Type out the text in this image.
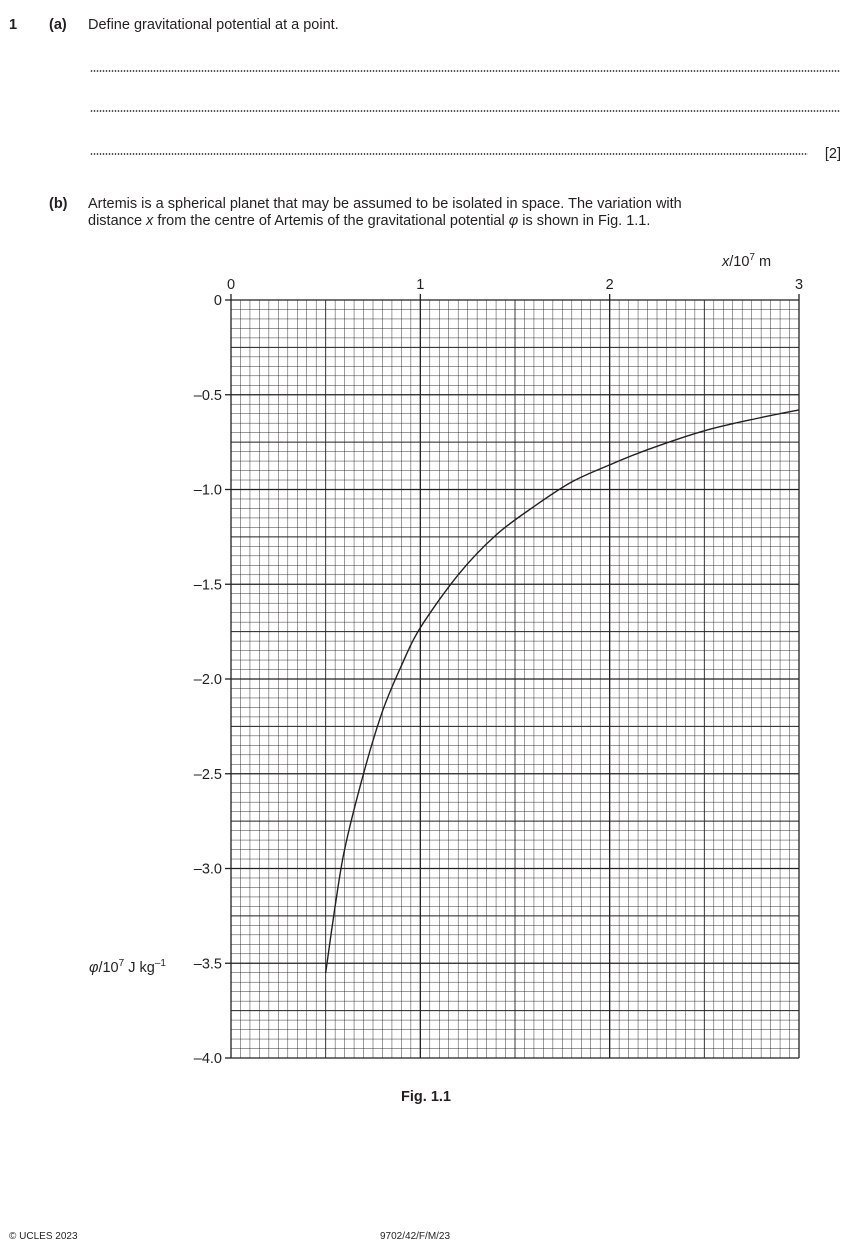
1 (a) Define gravitational potential at a point.
[2]
(b) Artemis is a spherical planet that may be assumed to be isolated in space. The variation with
distance x from the centre of Artemis of the gravitational potential φ is shown in Fig. 1.1.
0	1	2	3
0
–0.5
–1.0
–1.5
–2.0
–2.5
–3.0
–3.5
–4.0
$x/10^7$ m
$\varphi/10^7$ J $kg^{-1}$
Fig. 1.1
© UCLES 2023	9702/42/F/M/23
